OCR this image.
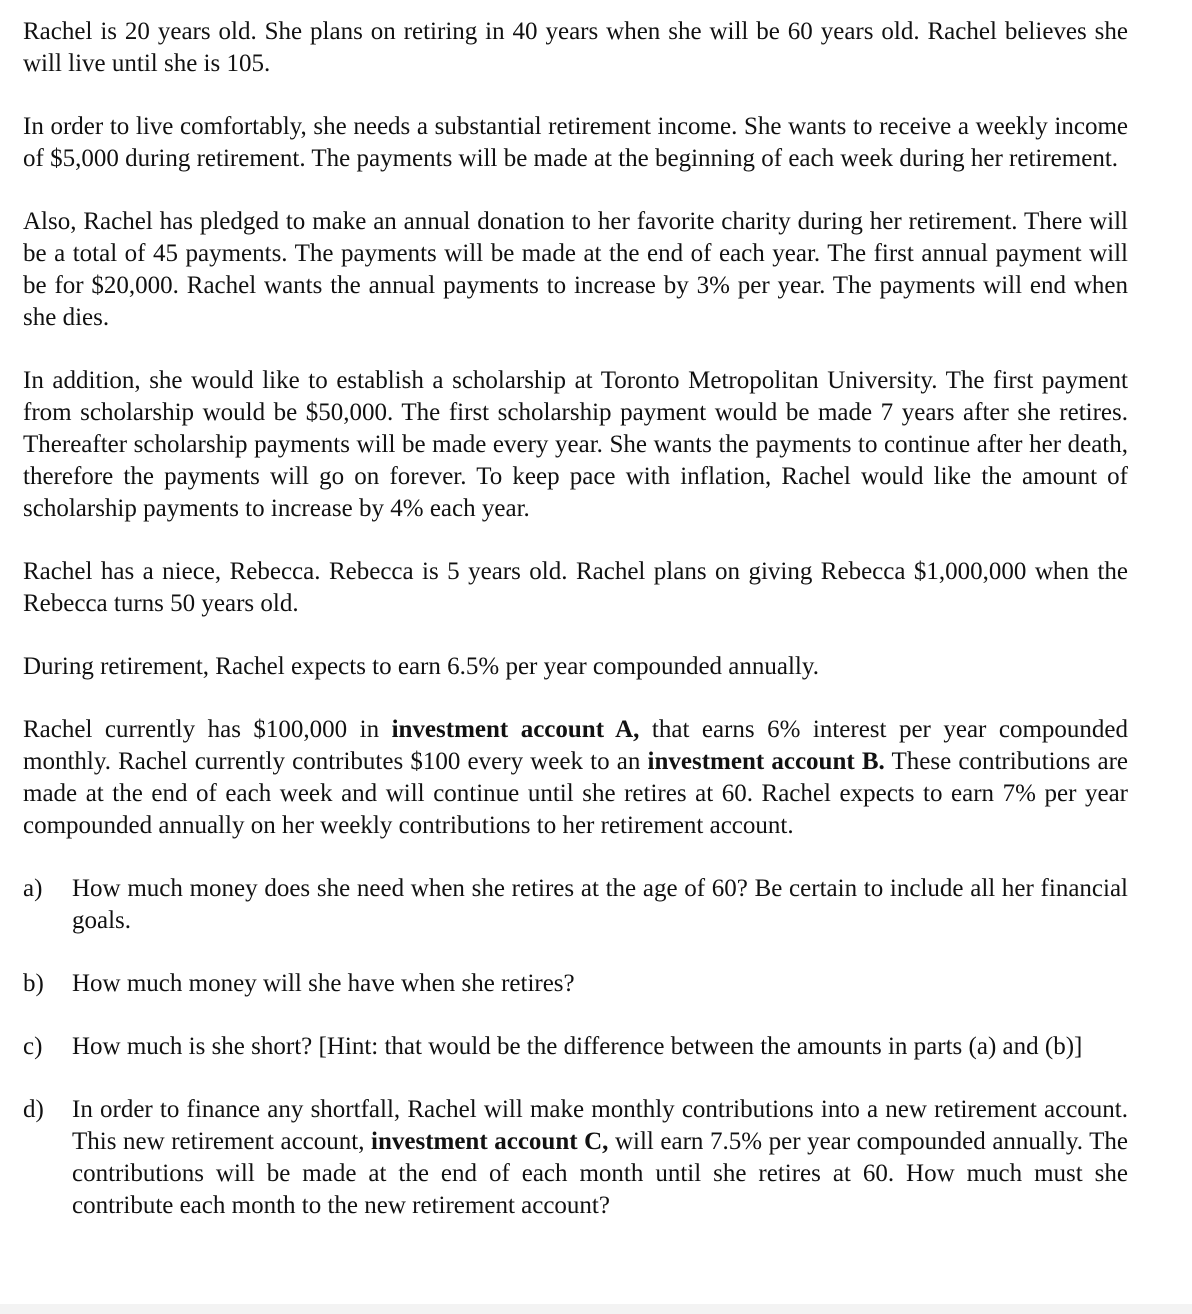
Rachel is 20 years old. She plans on retiring in 40 years when she will be 60 years old. Rachel believes she will live until she is 105.

In order to live comfortably, she needs a substantial retirement income. She wants to receive a weekly income of $5,000 during retirement. The payments will be made at the beginning of each week during her retirement.

Also, Rachel has pledged to make an annual donation to her favorite charity during her retirement. There will be a total of 45 payments. The payments will be made at the end of each year. The first annual payment will be for $20,000. Rachel wants the annual payments to increase by 3% per year. The payments will end when she dies.

In addition, she would like to establish a scholarship at Toronto Metropolitan University. The first payment from scholarship would be $50,000. The first scholarship payment would be made 7 years after she retires. Thereafter scholarship payments will be made every year. She wants the payments to continue after her death, therefore the payments will go on forever. To keep pace with inflation, Rachel would like the amount of scholarship payments to increase by 4% each year.

Rachel has a niece, Rebecca. Rebecca is 5 years old. Rachel plans on giving Rebecca $1,000,000 when the Rebecca turns 50 years old.

During retirement, Rachel expects to earn 6.5% per year compounded annually.

Rachel currently has $100,000 in investment account A, that earns 6% interest per year compounded monthly. Rachel currently contributes $100 every week to an investment account B. These contributions are made at the end of each week and will continue until she retires at 60. Rachel expects to earn 7% per year compounded annually on her weekly contributions to her retirement account.

a)	How much money does she need when she retires at the age of 60? Be certain to include all her financial goals.
b)	How much money will she have when she retires?
c)	How much is she short? [Hint: that would be the difference between the amounts in parts (a) and (b)]
d)	In order to finance any shortfall, Rachel will make monthly contributions into a new retirement account. This new retirement account, investment account C, will earn 7.5% per year compounded annually. The contributions will be made at the end of each month until she retires at 60. How much must she contribute each month to the new retirement account?
